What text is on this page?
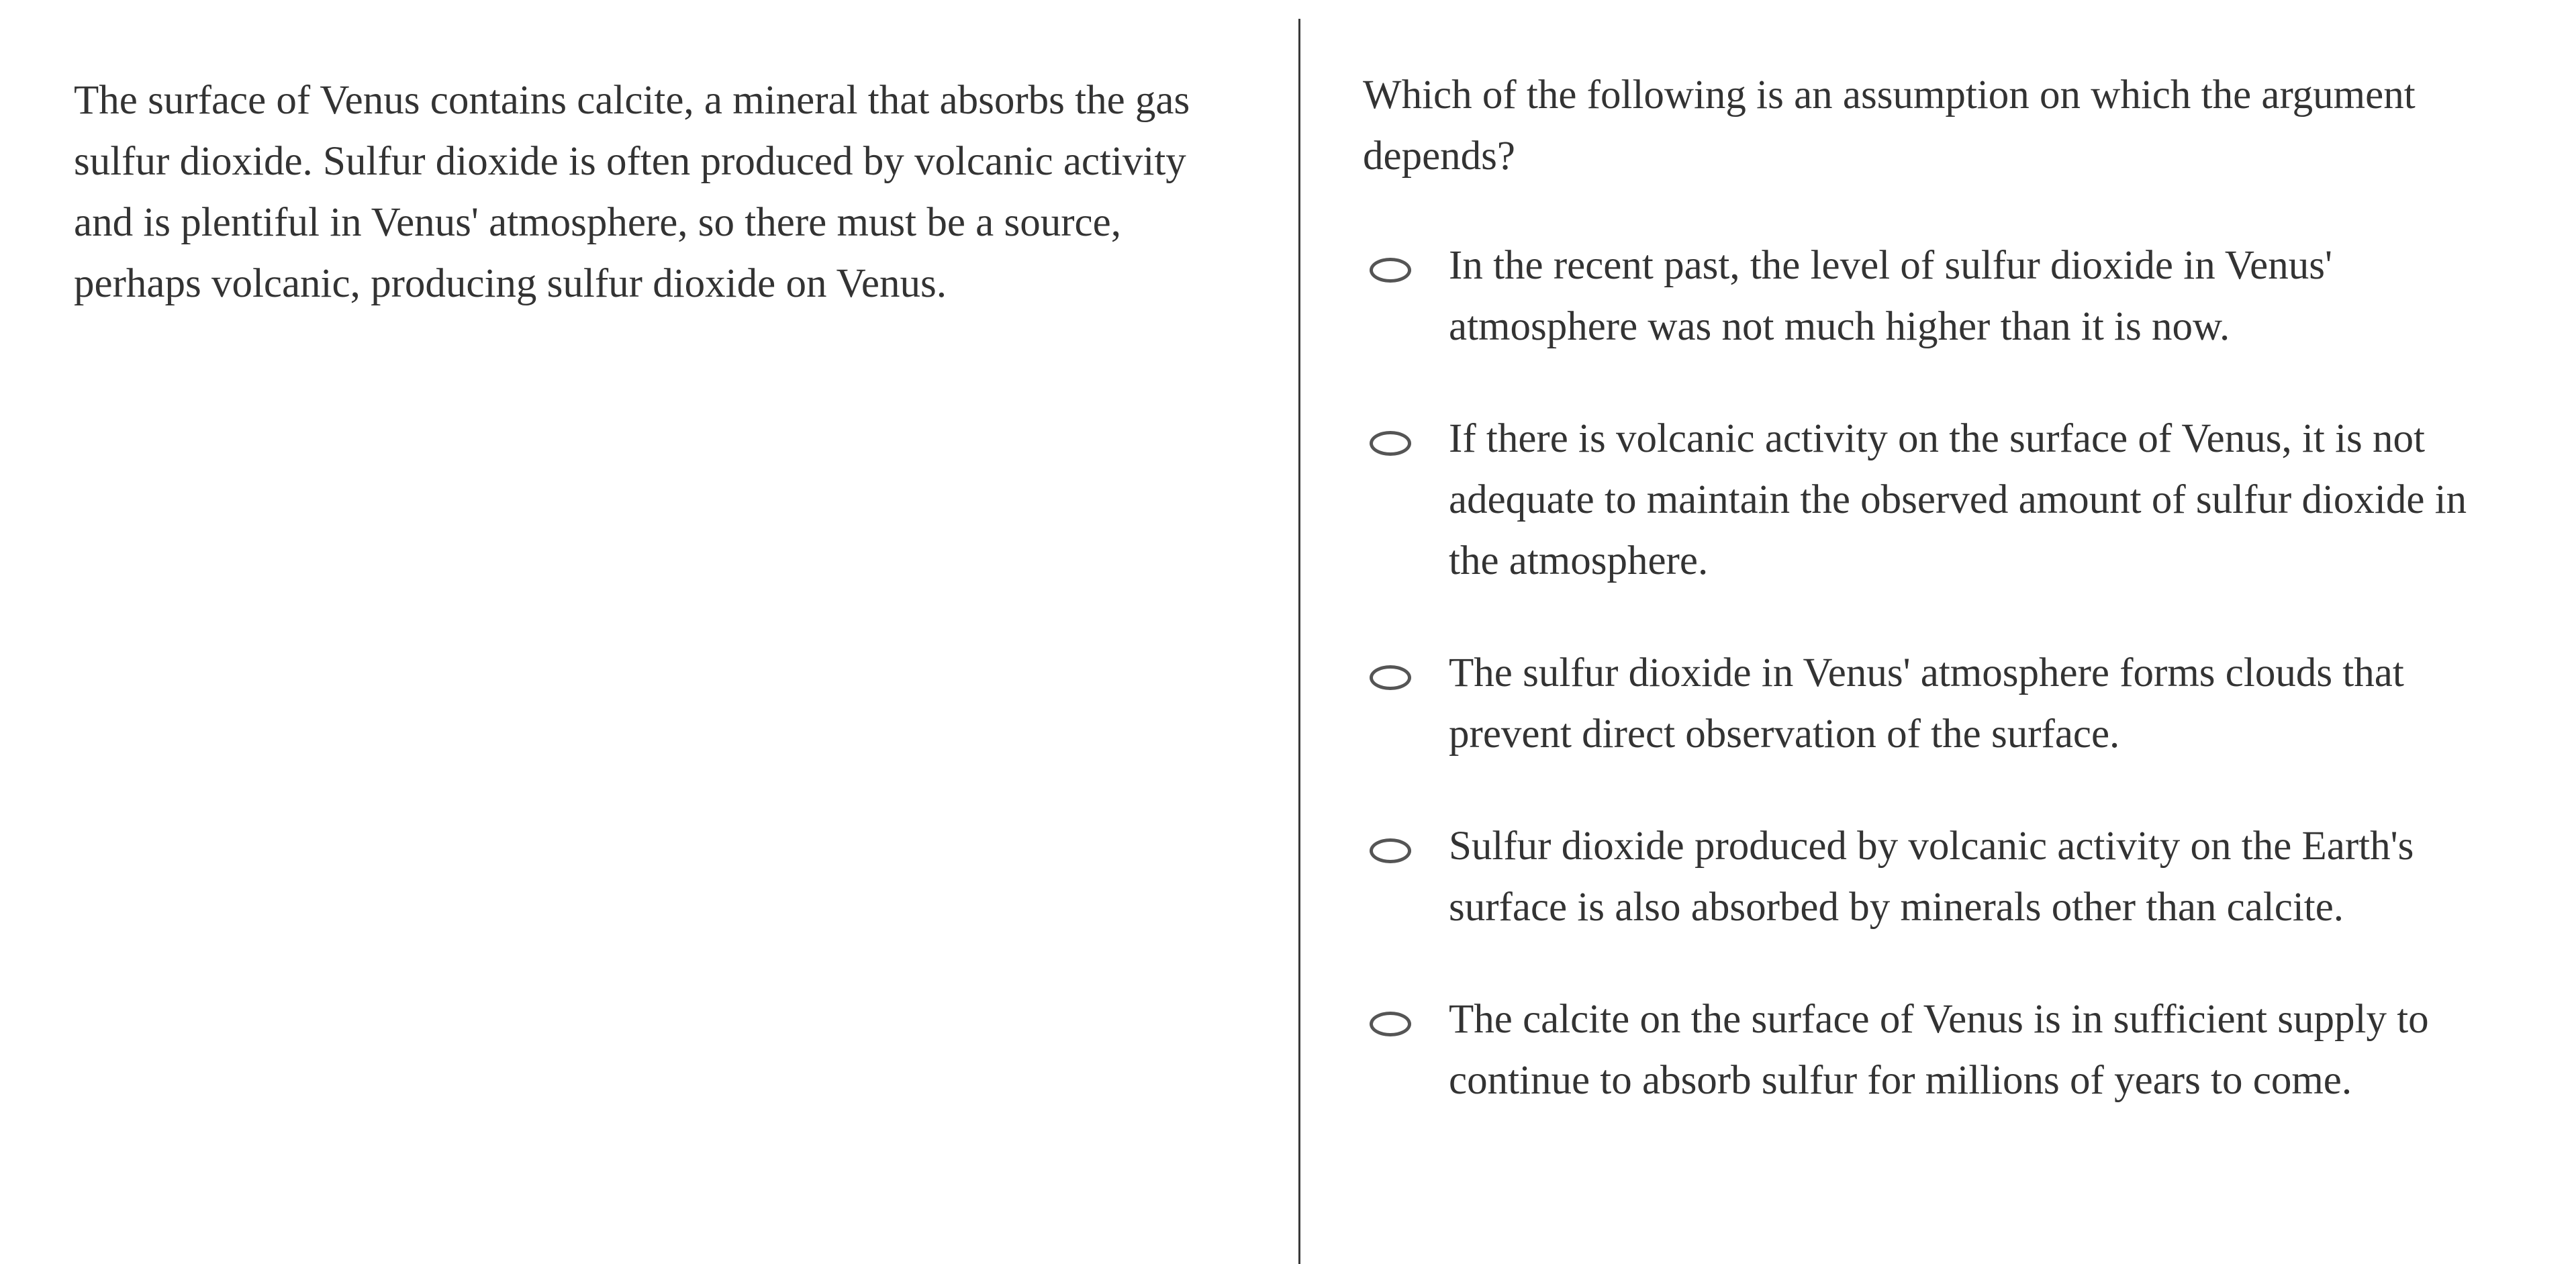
The surface of Venus contains calcite, a mineral that absorbs the gas sulfur dioxide. Sulfur dioxide is often produced by volcanic activity and is plentiful in Venus' atmosphere, so there must be a source, perhaps volcanic, producing sulfur dioxide on Venus.

Which of the following is an assumption on which the argument depends?

In the recent past, the level of sulfur dioxide in Venus' atmosphere was not much higher than it is now.
If there is volcanic activity on the surface of Venus, it is not adequate to maintain the observed amount of sulfur dioxide in the atmosphere.
The sulfur dioxide in Venus' atmosphere forms clouds that prevent direct observation of the surface.
Sulfur dioxide produced by volcanic activity on the Earth's surface is also absorbed by minerals other than calcite.
The calcite on the surface of Venus is in sufficient supply to continue to absorb sulfur for millions of years to come.
